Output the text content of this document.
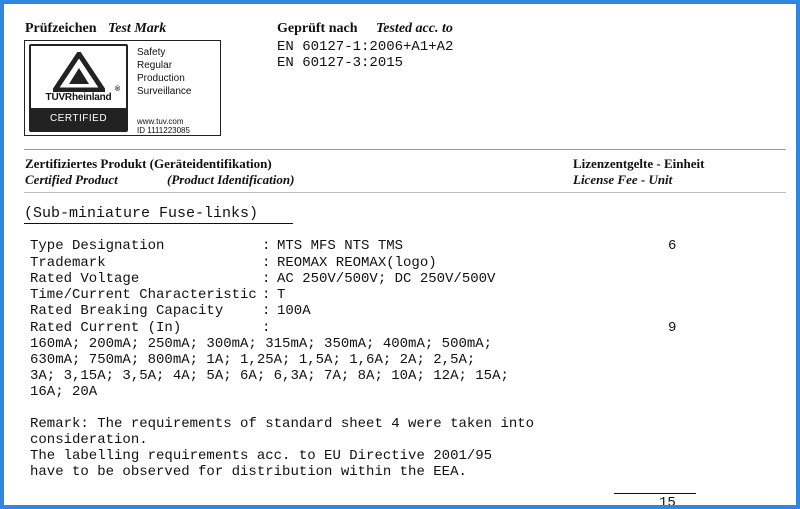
Prüfzeichen Test Mark	Geprüft nach Tested acc. to
EN 60127-1:2006+A1+A2
EN 60127-3:2015
®
TÜVRheinland
CERTIFIED
Safety
Regular
Production
Surveillance
www.tuv.com
ID 1111223085
Zertifiziertes Produkt (Geräteidentifikation)
Certified Product	(Product Identification)
Lizenzentgelte - Einheit
License Fee - Unit
(Sub-miniature Fuse-links)
Type Designation	: MTS MFS NTS TMS	6
Trademark	: REOMAX REOMAX(logo)
Rated Voltage	: AC 250V/500V; DC 250V/500V
Time/Current Characteristic : T
Rated Breaking Capacity	: 100A
Rated Current (In)	:	9
160mA; 200mA; 250mA; 300mA; 315mA; 350mA; 400mA; 500mA;
630mA; 750mA; 800mA; 1A; 1,25A; 1,5A; 1,6A; 2A; 2,5A;
3A; 3,15A; 3,5A; 4A; 5A; 6A; 6,3A; 7A; 8A; 10A; 12A; 15A;
16A; 20A
Remark: The requirements of standard sheet 4 were taken into
consideration.
The labelling requirements acc. to EU Directive 2001/95
have to be observed for distribution within the EEA.
15
